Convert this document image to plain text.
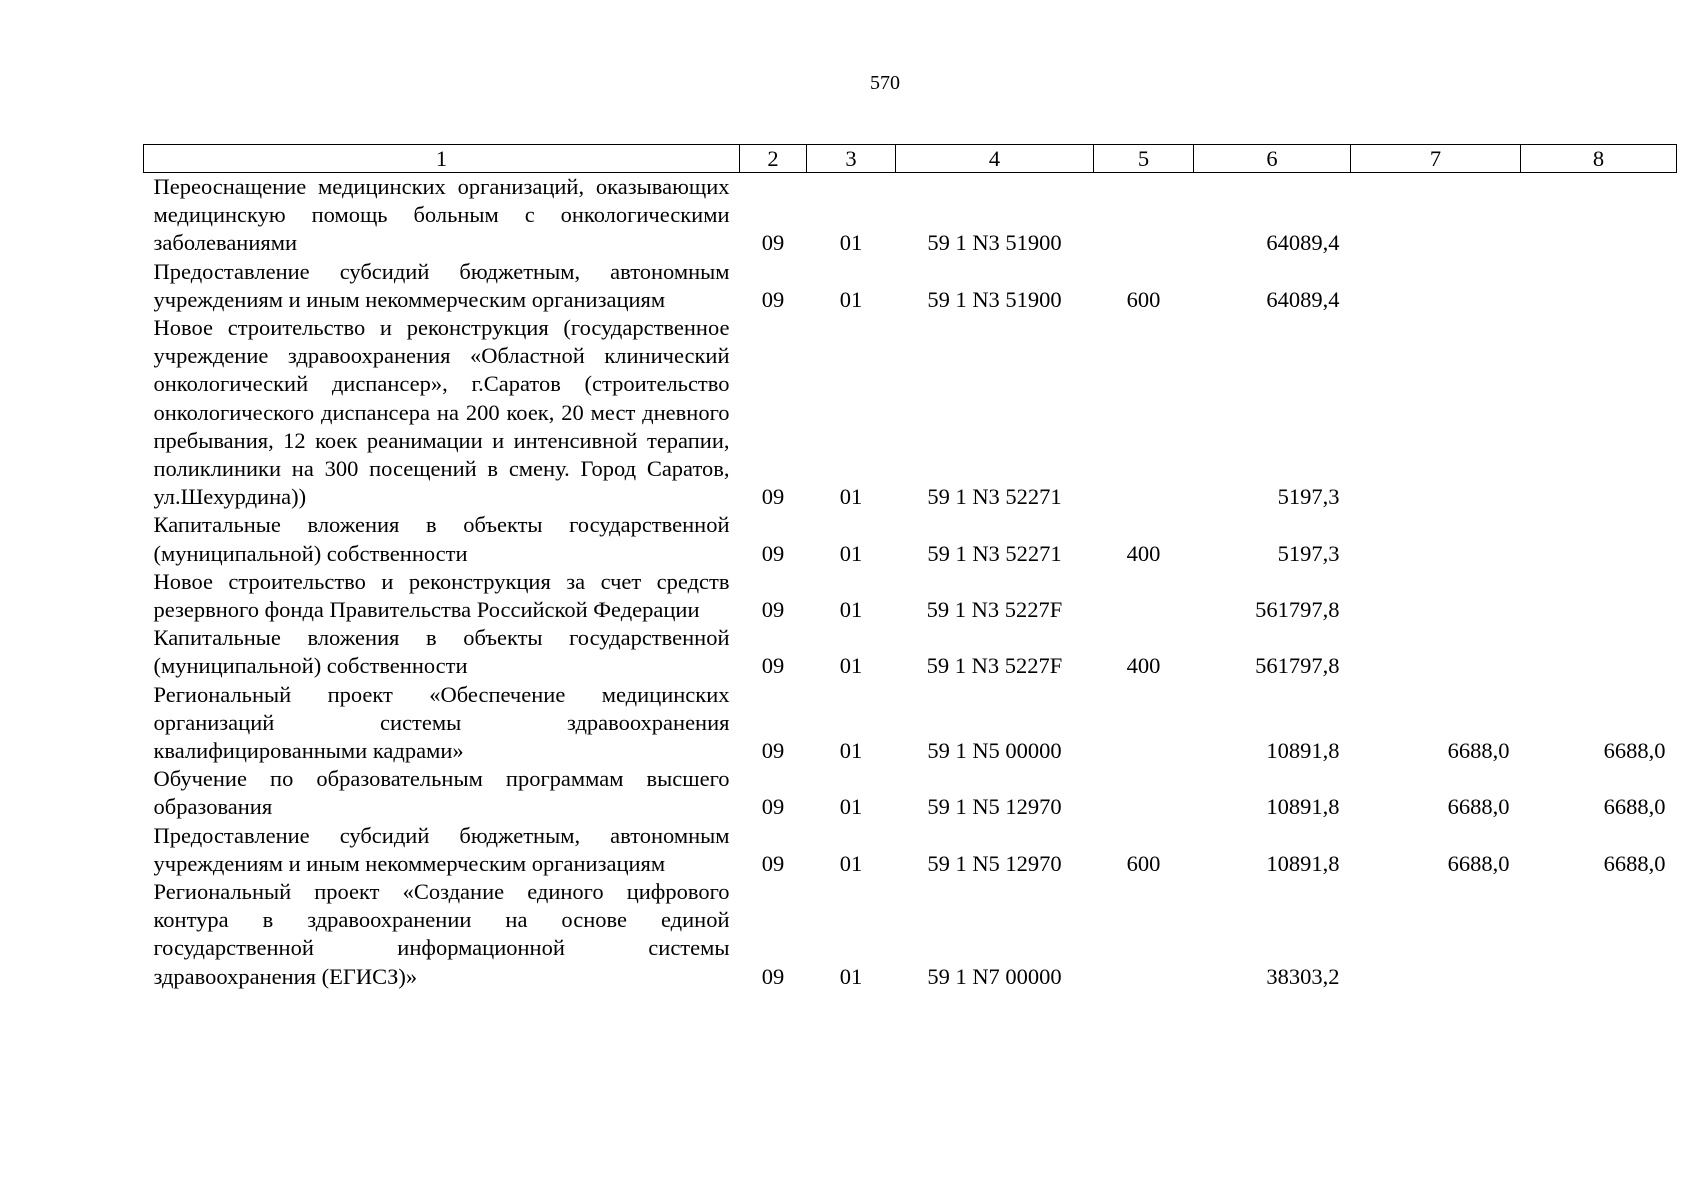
570
1	2	3	4	5	6	7	8
Переоснащение медицинских организаций, оказывающих медицинскую помощь больным с онкологическими заболеваниями	09	01	59 1 N3 51900		64089,4		
Предоставление субсидий бюджетным, автономным учреждениям и иным некоммерческим организациям	09	01	59 1 N3 51900	600	64089,4		
Новое строительство и реконструкция (государственное учреждение здравоохранения «Областной клинический онкологический диспансер», г.Саратов (строительство онкологического диспансера на 200 коек, 20 мест дневного пребывания, 12 коек реанимации и интенсивной терапии, поликлиники на 300 посещений в смену. Город Саратов, ул.Шехурдина))	09	01	59 1 N3 52271		5197,3		
Капитальные вложения в объекты государственной (муниципальной) собственности	09	01	59 1 N3 52271	400	5197,3		
Новое строительство и реконструкция за счет средств резервного фонда Правительства Российской Федерации	09	01	59 1 N3 5227F		561797,8		
Капитальные вложения в объекты государственной (муниципальной) собственности	09	01	59 1 N3 5227F	400	561797,8		
Региональный проект «Обеспечение медицинских организаций системы здравоохранения квалифицированными кадрами»	09	01	59 1 N5 00000		10891,8	6688,0	6688,0
Обучение по образовательным программам высшего образования	09	01	59 1 N5 12970		10891,8	6688,0	6688,0
Предоставление субсидий бюджетным, автономным учреждениям и иным некоммерческим организациям	09	01	59 1 N5 12970	600	10891,8	6688,0	6688,0
Региональный проект «Создание единого цифрового контура в здравоохранении на основе единой государственной информационной системы здравоохранения (ЕГИСЗ)»	09	01	59 1 N7 00000		38303,2		
